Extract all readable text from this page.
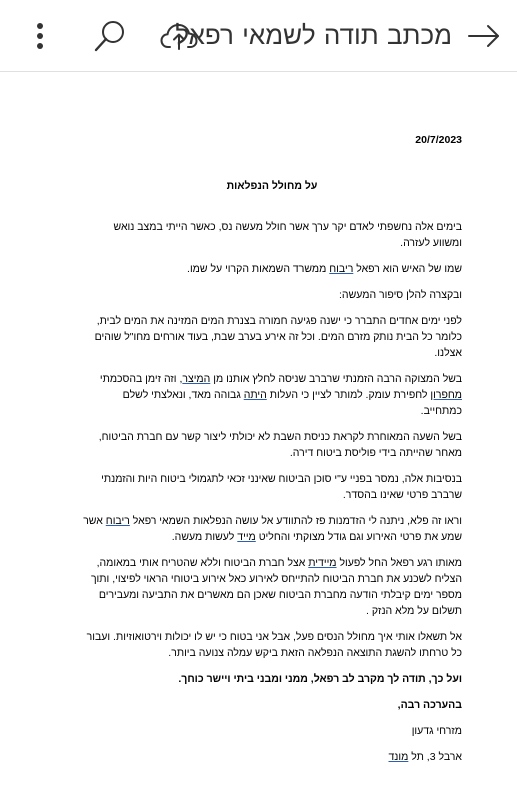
מכתב תודה לשמאי רפאל
20/7/2023
על מחולל הנפלאות

בימים אלה נחשפתי לאדם יקר ערך אשר חולל מעשה נס, כאשר הייתי במצב נואש ומשווע לעזרה.

שמו של האיש הוא רפאל ריבוח ממשרד השמאות הקרוי על שמו.

ובקצרה להלן סיפור המעשה:

לפני ימים אחדים התברר כי ישנה פגיעה חמורה בצנרת המים המזינה את המים לבית, כלומר כל הבית נותק מזרם המים. וכל זה אירע בערב שבת, בעוד אורחים מחו"ל שוהים אצלנו.

בשל המצוקה הרבה הזמנתי שרברב שניסה לחלץ אותנו מן המיצר, וזה זימן בהסכמתי מחפרון לחפירת עומק. למותר לציין כי העלות היתה גבוהה מאד, ונאלצתי לשלם כמתחייב.

בשל השעה המאוחרת לקראת כניסת השבת לא יכולתי ליצור קשר עם חברת הביטוח, מאחר שהייתה בידי פוליסת ביטוח דירה.

בנסיבות אלה, נמסר בפניי ע"י סוכן הביטוח שאינני זכאי לתגמולי ביטוח היות והזמנתי שרברב פרטי שאינו בהסדר.

וראו זה פלא, ניתנה לי הזדמנות פז להתוודע אל עושה הנפלאות השמאי רפאל ריבוח אשר שמע את פרטי האירוע וגם גודל מצוקתי והחליט מייד לעשות מעשה.

מאותו רגע רפאל החל לפעול מיידית אצל חברת הביטוח וללא שהטריח אותי במאומה, הצליח לשכנע את חברת הביטוח להתייחס לאירוע כאל אירוע ביטוחי הראוי לפיצוי, ותוך מספר ימים קיבלתי הודעה מחברת הביטוח שאכן הם מאשרים את התביעה ומעבירים תשלום על מלא הנזק .

אל תשאלו אותי איך מחולל הנסים פעל, אבל אני בטוח כי יש לו יכולות וירטואוזיות. ועבור כל טרחתו להשגת התוצאה הנפלאה הזאת ביקש עמלה צנועה ביותר.

ועל כך, תודה לך מקרב לב רפאל, ממני ומבני ביתי ויישר כוחך.

בהערכה רבה,

מזרחי גדעון

ארבל 3, תל מונד
